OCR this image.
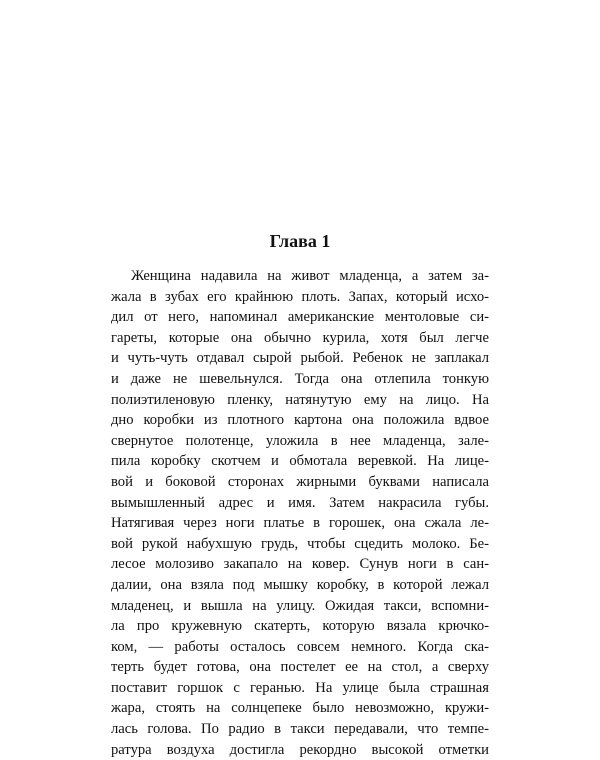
Глава 1
Женщина надавила на живот младенца, а затем за-
жала в зубах его крайнюю плоть. Запах, который исхо-
дил от него, напоминал американские ментоловые си-
гареты, которые она обычно курила, хотя был легче
и чуть-чуть отдавал сырой рыбой. Ребенок не заплакал
и даже не шевельнулся. Тогда она отлепила тонкую
полиэтиленовую пленку, натянутую ему на лицо. На
дно коробки из плотного картона она положила вдвое
свернутое полотенце, уложила в нее младенца, зале-
пила коробку скотчем и обмотала веревкой. На лице-
вой и боковой сторонах жирными буквами написала
вымышленный адрес и имя. Затем накрасила губы.
Натягивая через ноги платье в горошек, она сжала ле-
вой рукой набухшую грудь, чтобы сцедить молоко. Бе-
лесое молозиво закапало на ковер. Сунув ноги в сан-
далии, она взяла под мышку коробку, в которой лежал
младенец, и вышла на улицу. Ожидая такси, вспомни-
ла про кружевную скатерть, которую вязала крючко-
ком, — работы осталось совсем немного. Когда ска-
терть будет готова, она постелет ее на стол, а сверху
поставит горшок с геранью. На улице была страшная
жара, стоять на солнцепеке было невозможно, кружи-
лась голова. По радио в такси передавали, что темпе-
ратура воздуха достигла рекордно высокой отметки
